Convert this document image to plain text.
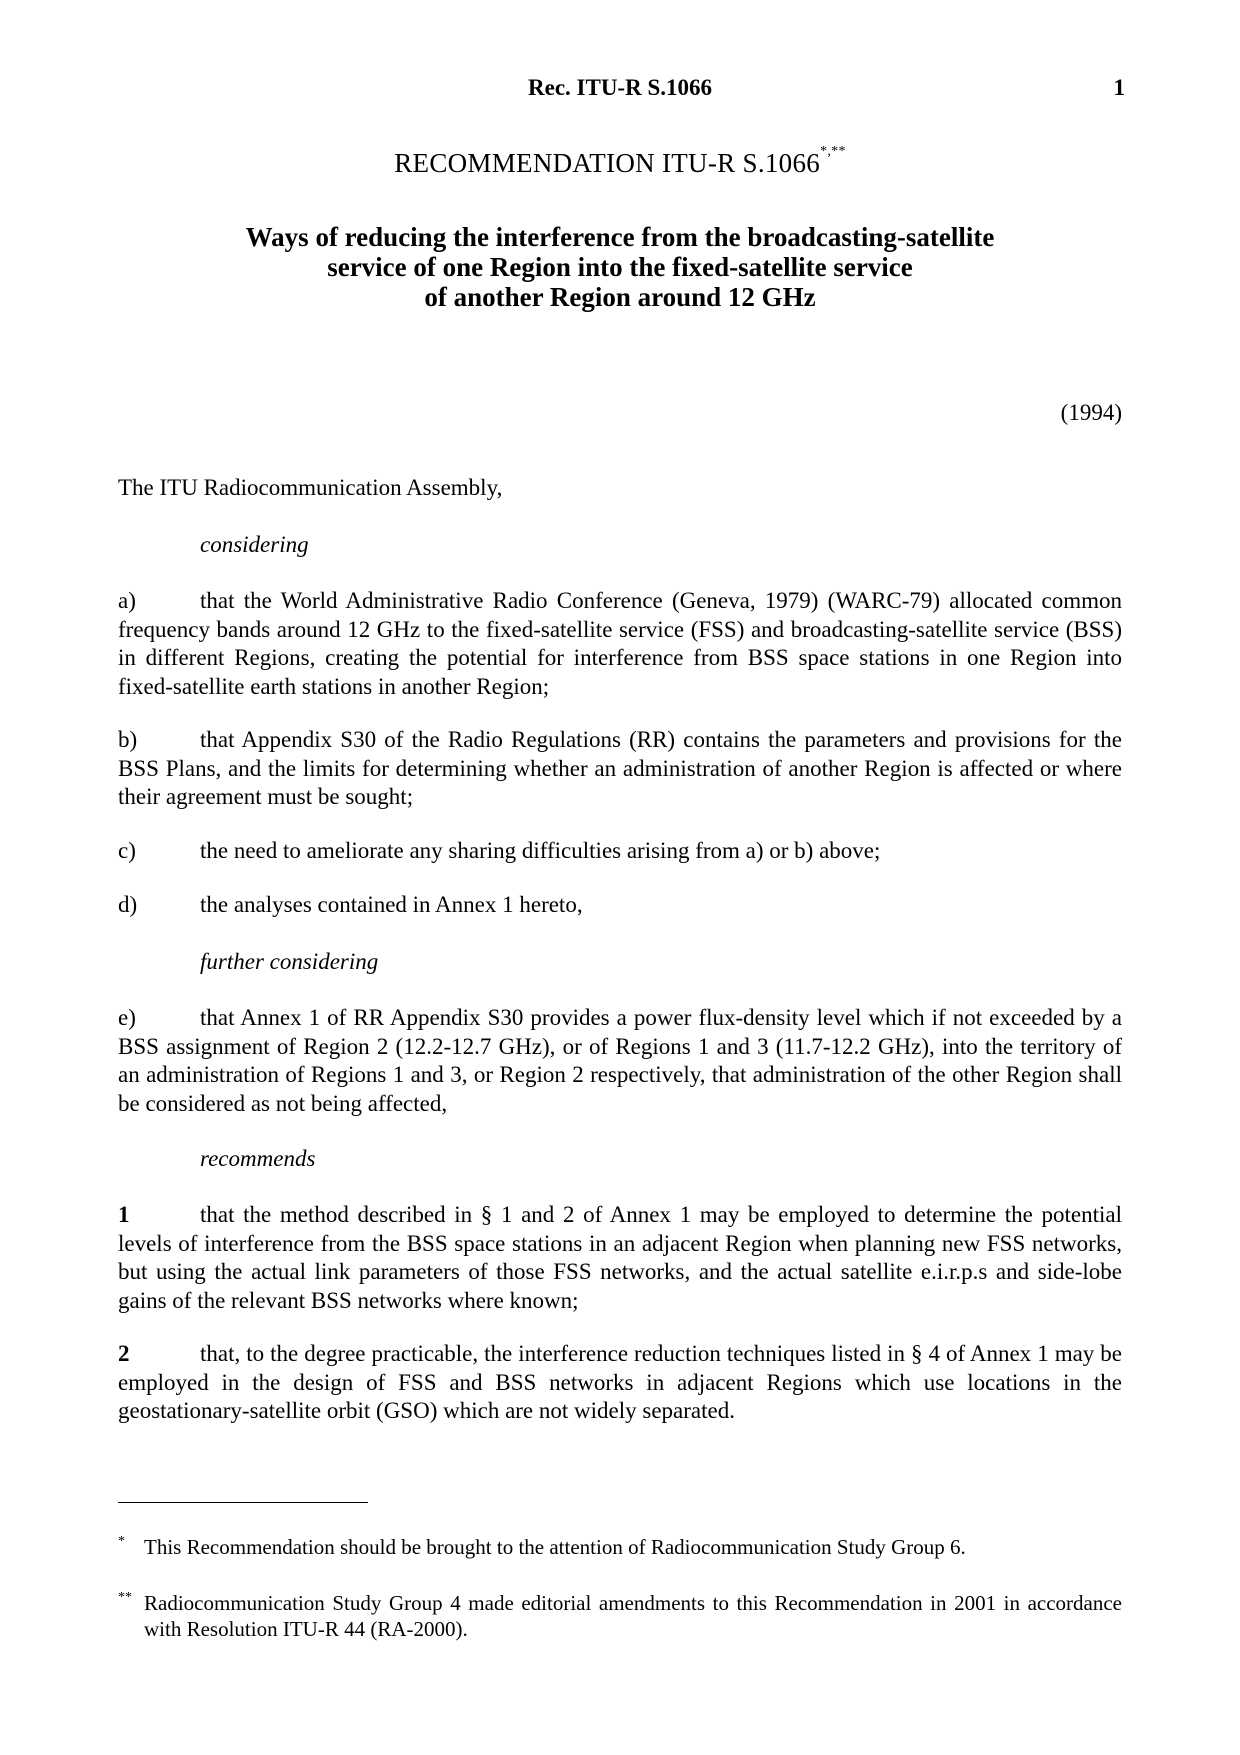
Rec. ITU-R S.1066	1
RECOMMENDATION ITU-R S.1066*,**
Ways of reducing the interference from the broadcasting-satellite
service of one Region into the fixed-satellite service
of another Region around 12 GHz
(1994)
The ITU Radiocommunication Assembly,
considering
a)	that the World Administrative Radio Conference (Geneva, 1979) (WARC-79) allocated common frequency bands around 12 GHz to the fixed-satellite service (FSS) and broadcasting-satellite service (BSS) in different Regions, creating the potential for interference from BSS space stations in one Region into fixed-satellite earth stations in another Region;
b)	that Appendix S30 of the Radio Regulations (RR) contains the parameters and provisions for the BSS Plans, and the limits for determining whether an administration of another Region is affected or where their agreement must be sought;
c)	the need to ameliorate any sharing difficulties arising from a) or b) above;
d)	the analyses contained in Annex 1 hereto,
further considering
e)	that Annex 1 of RR Appendix S30 provides a power flux-density level which if not exceeded by a BSS assignment of Region 2 (12.2-12.7 GHz), or of Regions 1 and 3 (11.7-12.2 GHz), into the territory of an administration of Regions 1 and 3, or Region 2 respectively, that administration of the other Region shall be considered as not being affected,
recommends
1	that the method described in § 1 and 2 of Annex 1 may be employed to determine the potential levels of interference from the BSS space stations in an adjacent Region when planning new FSS networks, but using the actual link parameters of those FSS networks, and the actual satellite e.i.r.p.s and side-lobe gains of the relevant BSS networks where known;
2	that, to the degree practicable, the interference reduction techniques listed in § 4 of Annex 1 may be employed in the design of FSS and BSS networks in adjacent Regions which use locations in the geostationary-satellite orbit (GSO) which are not widely separated.
* This Recommendation should be brought to the attention of Radiocommunication Study Group 6.
** Radiocommunication Study Group 4 made editorial amendments to this Recommendation in 2001 in accordance with Resolution ITU-R 44 (RA-2000).
